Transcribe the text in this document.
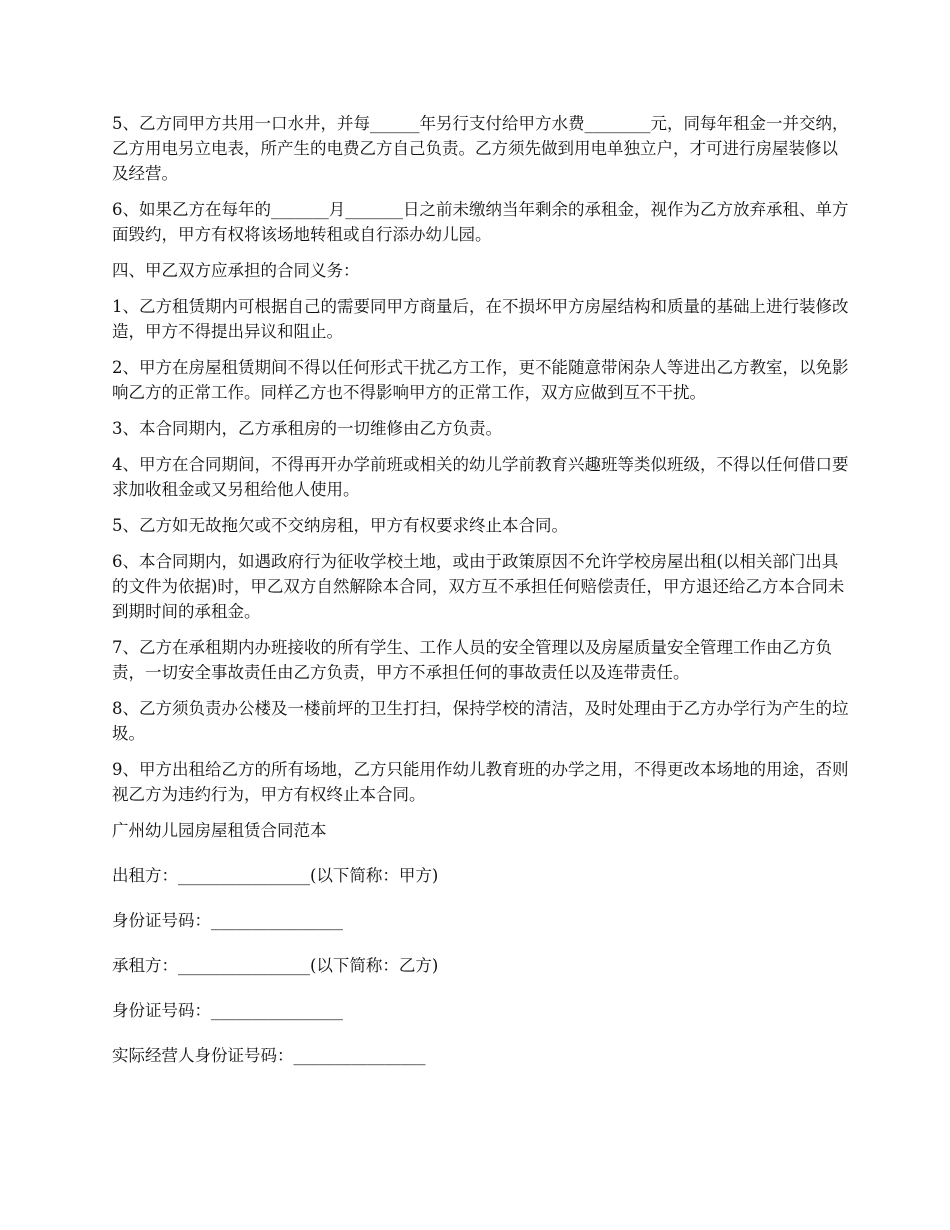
5、乙方同甲方共用一口水井，并每______年另行支付给甲方水费________元，同每年租金一并交纳，乙方用电另立电表，所产生的电费乙方自己负责。乙方须先做到用电单独立户，才可进行房屋装修以及经营。

6、如果乙方在每年的_______月_______日之前未缴纳当年剩余的承租金，视作为乙方放弃承租、单方面毁约，甲方有权将该场地转租或自行添办幼儿园。

四、甲乙双方应承担的合同义务：

1、乙方租赁期内可根据自己的需要同甲方商量后，在不损坏甲方房屋结构和质量的基础上进行装修改造，甲方不得提出异议和阻止。

2、甲方在房屋租赁期间不得以任何形式干扰乙方工作，更不能随意带闲杂人等进出乙方教室，以免影响乙方的正常工作。同样乙方也不得影响甲方的正常工作，双方应做到互不干扰。

3、本合同期内，乙方承租房的一切维修由乙方负责。

4、甲方在合同期间，不得再开办学前班或相关的幼儿学前教育兴趣班等类似班级，不得以任何借口要求加收租金或又另租给他人使用。

5、乙方如无故拖欠或不交纳房租，甲方有权要求终止本合同。

6、本合同期内，如遇政府行为征收学校土地，或由于政策原因不允许学校房屋出租(以相关部门出具的文件为依据)时，甲乙双方自然解除本合同，双方互不承担任何赔偿责任，甲方退还给乙方本合同未到期时间的承租金。

7、乙方在承租期内办班接收的所有学生、工作人员的安全管理以及房屋质量安全管理工作由乙方负责，一切安全事故责任由乙方负责，甲方不承担任何的事故责任以及连带责任。

8、乙方须负责办公楼及一楼前坪的卫生打扫，保持学校的清洁，及时处理由于乙方办学行为产生的垃圾。

9、甲方出租给乙方的所有场地，乙方只能用作幼儿教育班的办学之用，不得更改本场地的用途，否则视乙方为违约行为，甲方有权终止本合同。

广州幼儿园房屋租赁合同范本

出租方：________________(以下简称：甲方)

身份证号码：________________

承租方：________________(以下简称：乙方)

身份证号码：________________

实际经营人身份证号码：________________
